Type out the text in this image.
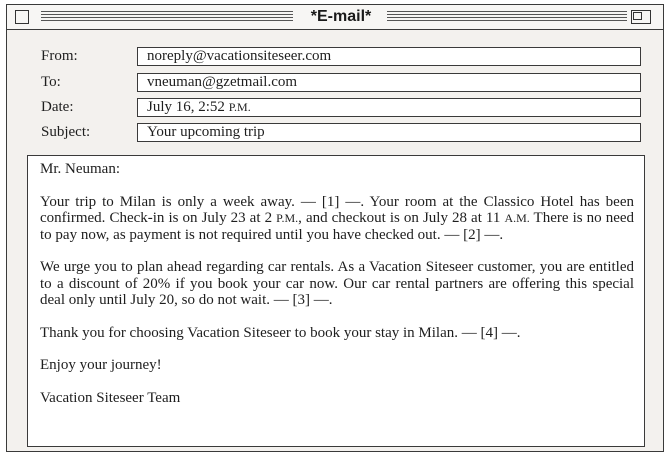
*E-mail*
From:	noreply@vacationsiteseer.com
To:	vneuman@gzetmail.com
Date:	July 16, 2:52 P.M.
Subject:	Your upcoming trip

Mr. Neuman:

Your trip to Milan is only a week away. — [1] —. Your room at the Classico Hotel has been confirmed. Check-in is on July 23 at 2 P.M., and checkout is on July 28 at 11 A.M. There is no need to pay now, as payment is not required until you have checked out. — [2] —.

We urge you to plan ahead regarding car rentals. As a Vacation Siteseer customer, you are entitled to a discount of 20% if you book your car now. Our car rental partners are offering this special deal only until July 20, so do not wait. — [3] —.

Thank you for choosing Vacation Siteseer to book your stay in Milan. — [4] —.

Enjoy your journey!

Vacation Siteseer Team
